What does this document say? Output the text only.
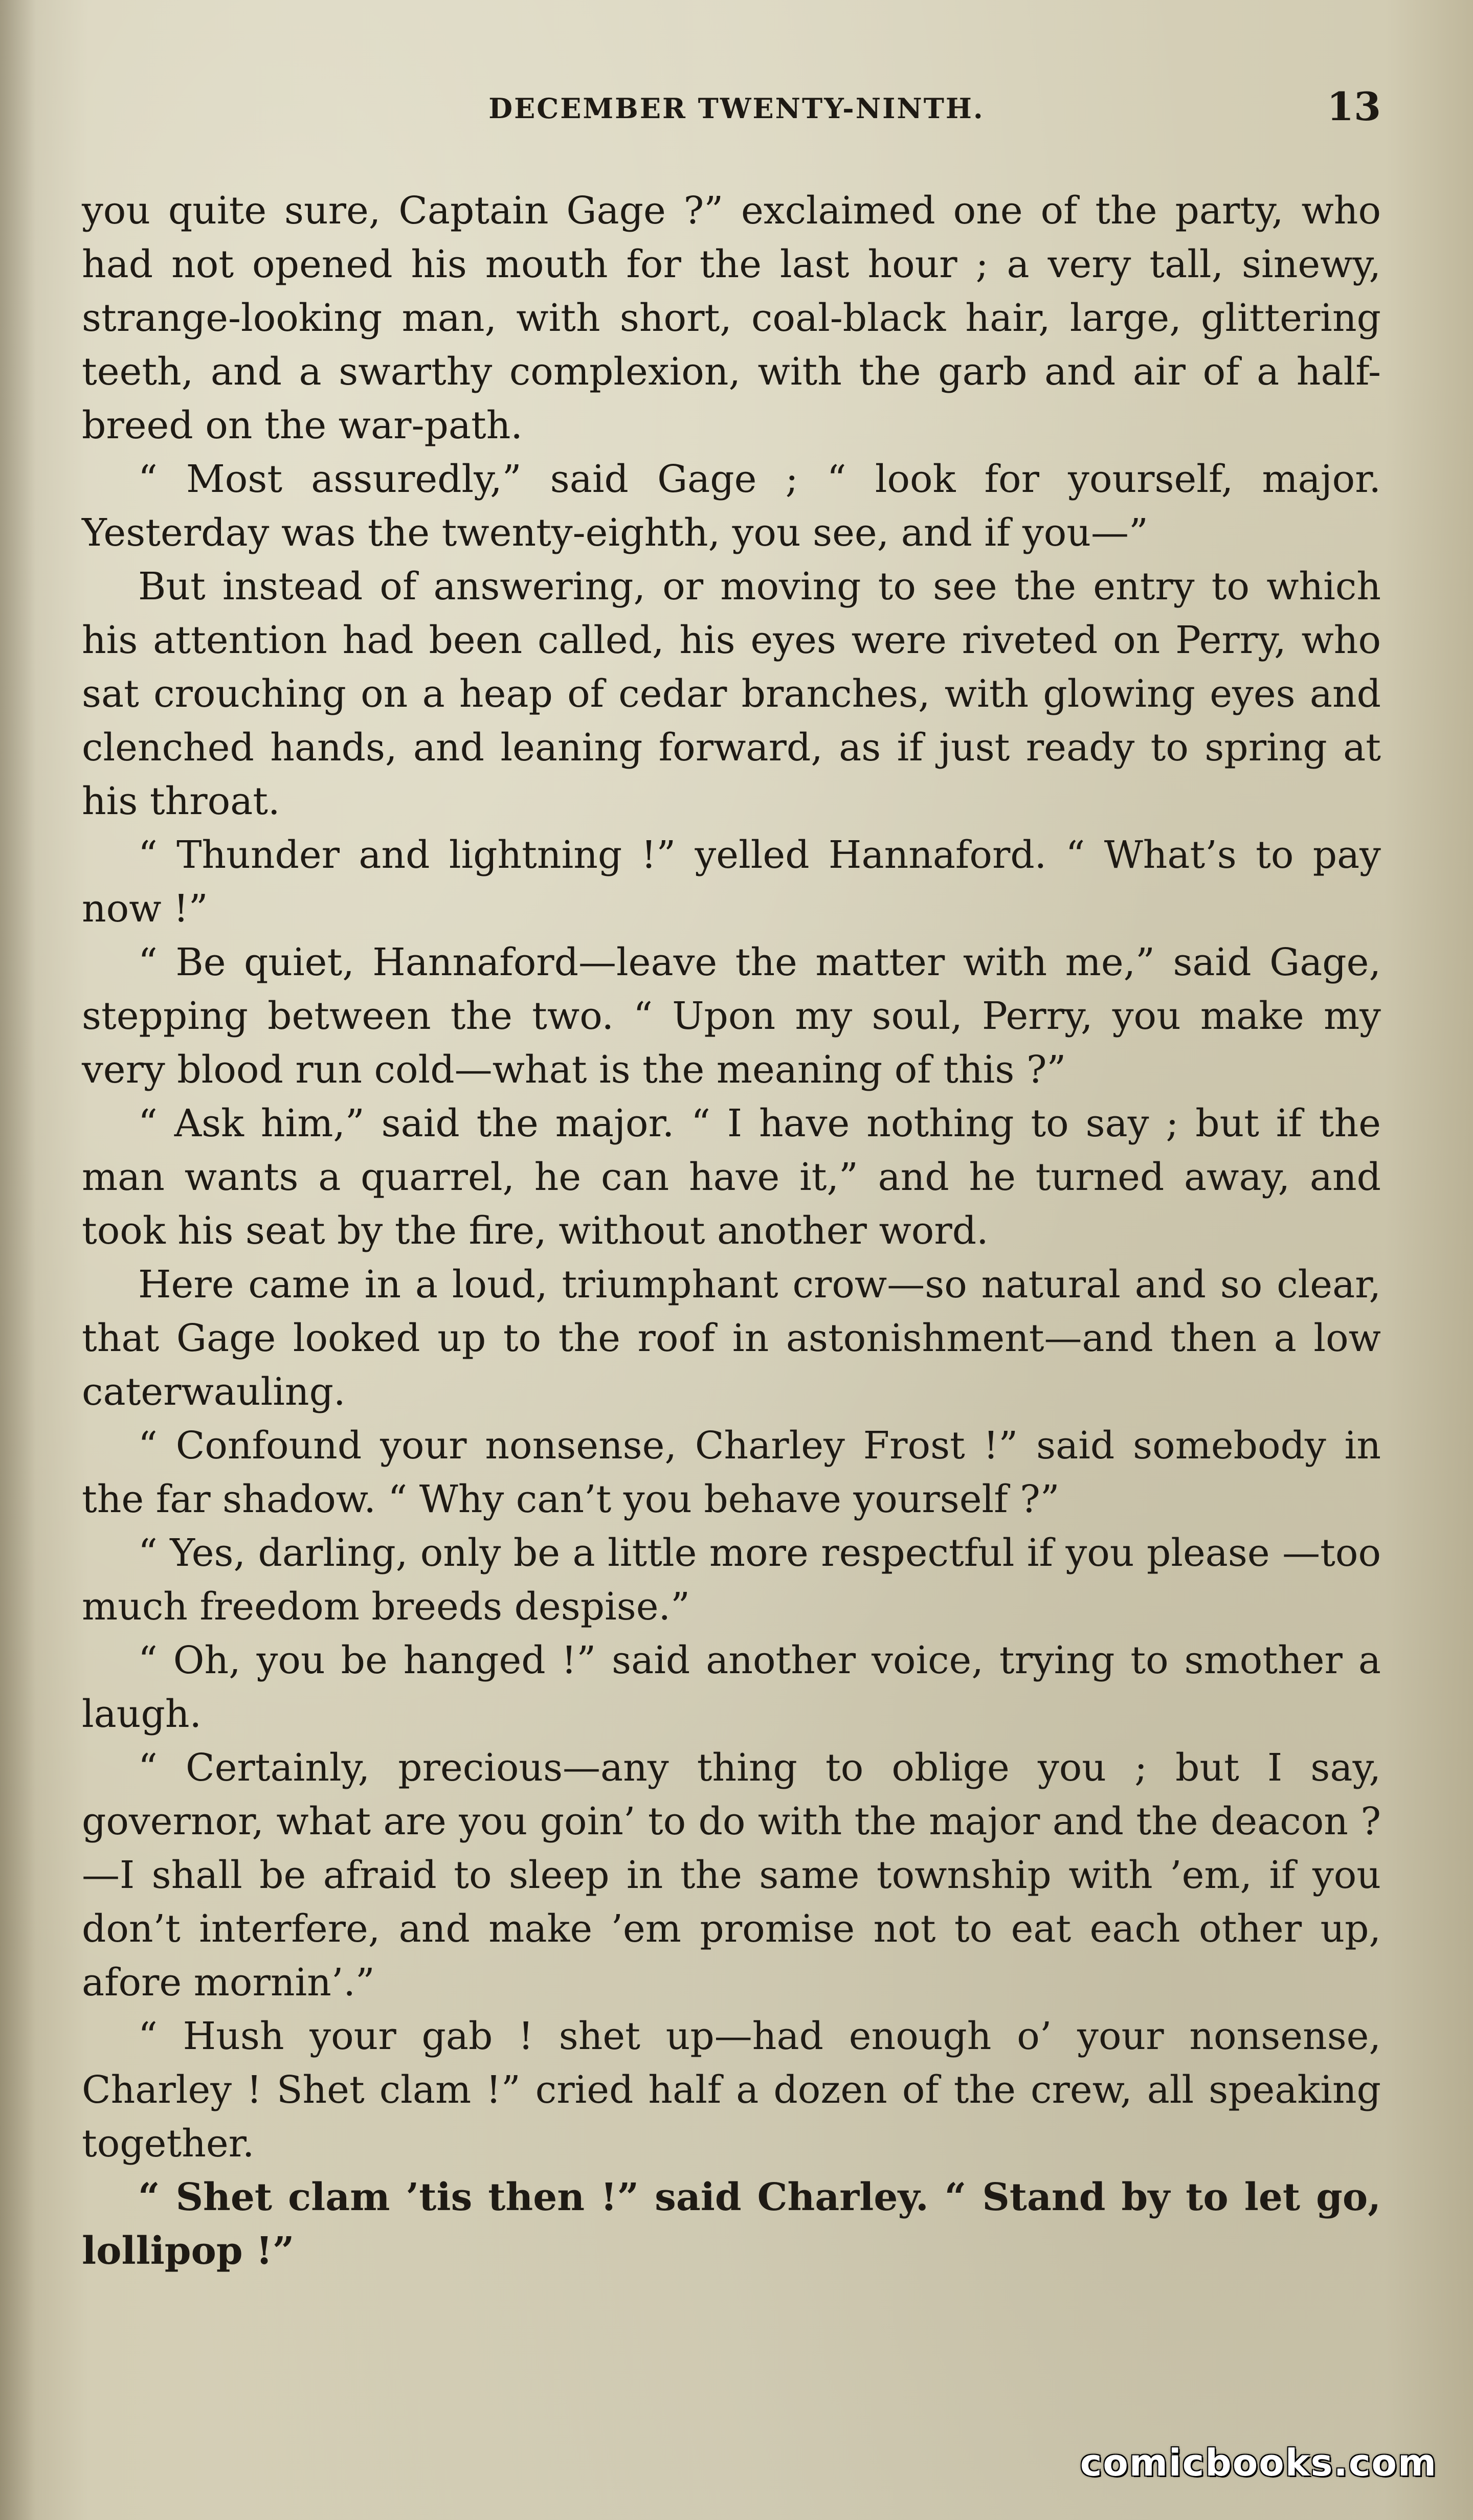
DECEMBER TWENTY-NINTH.	13

you quite sure, Captain Gage ?” exclaimed one of the party, who had not opened his mouth for the last hour ; a very tall, sinewy, strange-looking man, with short, coal-black hair, large, glittering teeth, and a swarthy complexion, with the garb and air of a half-breed on the war-path.

“ Most assuredly,” said Gage ; “ look for yourself, major. Yesterday was the twenty-eighth, you see, and if you—”

But instead of answering, or moving to see the entry to which his attention had been called, his eyes were riveted on Perry, who sat crouching on a heap of cedar branches, with glowing eyes and clenched hands, and leaning forward, as if just ready to spring at his throat.

“ Thunder and lightning !” yelled Hannaford. “ What’s to pay now !”

“ Be quiet, Hannaford—leave the matter with me,” said Gage, stepping between the two. “ Upon my soul, Perry, you make my very blood run cold—what is the meaning of this ?”

“ Ask him,” said the major. “ I have nothing to say ; but if the man wants a quarrel, he can have it,” and he turned away, and took his seat by the fire, without another word.

Here came in a loud, triumphant crow—so natural and so clear, that Gage looked up to the roof in astonishment—and then a low caterwauling.

“ Confound your nonsense, Charley Frost !” said somebody in the far shadow. “ Why can’t you behave yourself ?”

“ Yes, darling, only be a little more respectful if you please —too much freedom breeds despise.”

“ Oh, you be hanged !” said another voice, trying to smother a laugh.

“ Certainly, precious—any thing to oblige you ; but I say, governor, what are you goin’ to do with the major and the deacon ?—I shall be afraid to sleep in the same township with ’em, if you don’t interfere, and make ’em promise not to eat each other up, afore mornin’.”

“ Hush your gab ! shet up—had enough o’ your nonsense, Charley ! Shet clam !” cried half a dozen of the crew, all speaking together.

“ Shet clam ’tis then !” said Charley. “ Stand by to let go, lollipop !”

comicbooks.com
